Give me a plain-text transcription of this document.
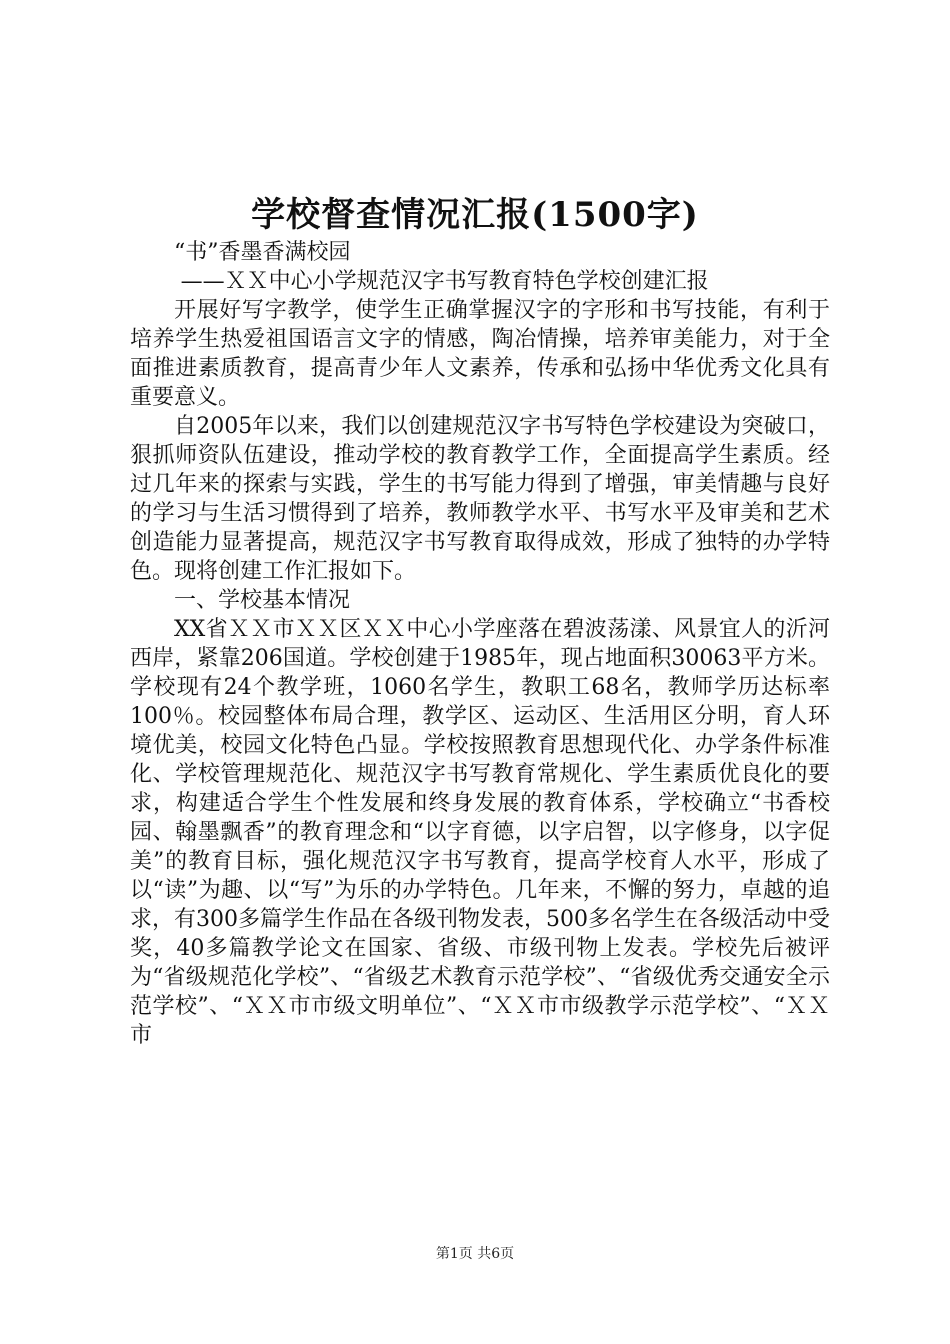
学校督查情况汇报(1500字)

“书”香墨香满校园

——ＸＸ中心小学规范汉字书写教育特色学校创建汇报

开展好写字教学，使学生正确掌握汉字的字形和书写技能，有利于培养学生热爱祖国语言文字的情感，陶冶情操，培养审美能力，对于全面推进素质教育，提高青少年人文素养，传承和弘扬中华优秀文化具有重要意义。

自2005年以来，我们以创建规范汉字书写特色学校建设为突破口，狠抓师资队伍建设，推动学校的教育教学工作，全面提高学生素质。经过几年来的探索与实践，学生的书写能力得到了增强，审美情趣与良好的学习与生活习惯得到了培养，教师教学水平、书写水平及审美和艺术创造能力显著提高，规范汉字书写教育取得成效，形成了独特的办学特色。现将创建工作汇报如下。

一、学校基本情况

XX省ＸＸ市ＸＸ区ＸＸ中心小学座落在碧波荡漾、风景宜人的沂河西岸，紧靠206国道。学校创建于1985年，现占地面积30063平方米。学校现有24个教学班，1060名学生，教职工68名，教师学历达标率100％。校园整体布局合理，教学区、运动区、生活用区分明，育人环境优美，校园文化特色凸显。学校按照教育思想现代化、办学条件标准化、学校管理规范化、规范汉字书写教育常规化、学生素质优良化的要求，构建适合学生个性发展和终身发展的教育体系，学校确立“书香校园、翰墨飘香”的教育理念和“以字育德，以字启智，以字修身，以字促美”的教育目标，强化规范汉字书写教育，提高学校育人水平，形成了以“读”为趣、以“写”为乐的办学特色。几年来，不懈的努力，卓越的追求，有300多篇学生作品在各级刊物发表，500多名学生在各级活动中受奖，40多篇教学论文在国家、省级、市级刊物上发表。学校先后被评为“省级规范化学校”、“省级艺术教育示范学校”、“省级优秀交通安全示范学校”、“ＸＸ市市级文明单位”、“ＸＸ市市级教学示范学校”、“ＸＸ市

第1页 共6页
